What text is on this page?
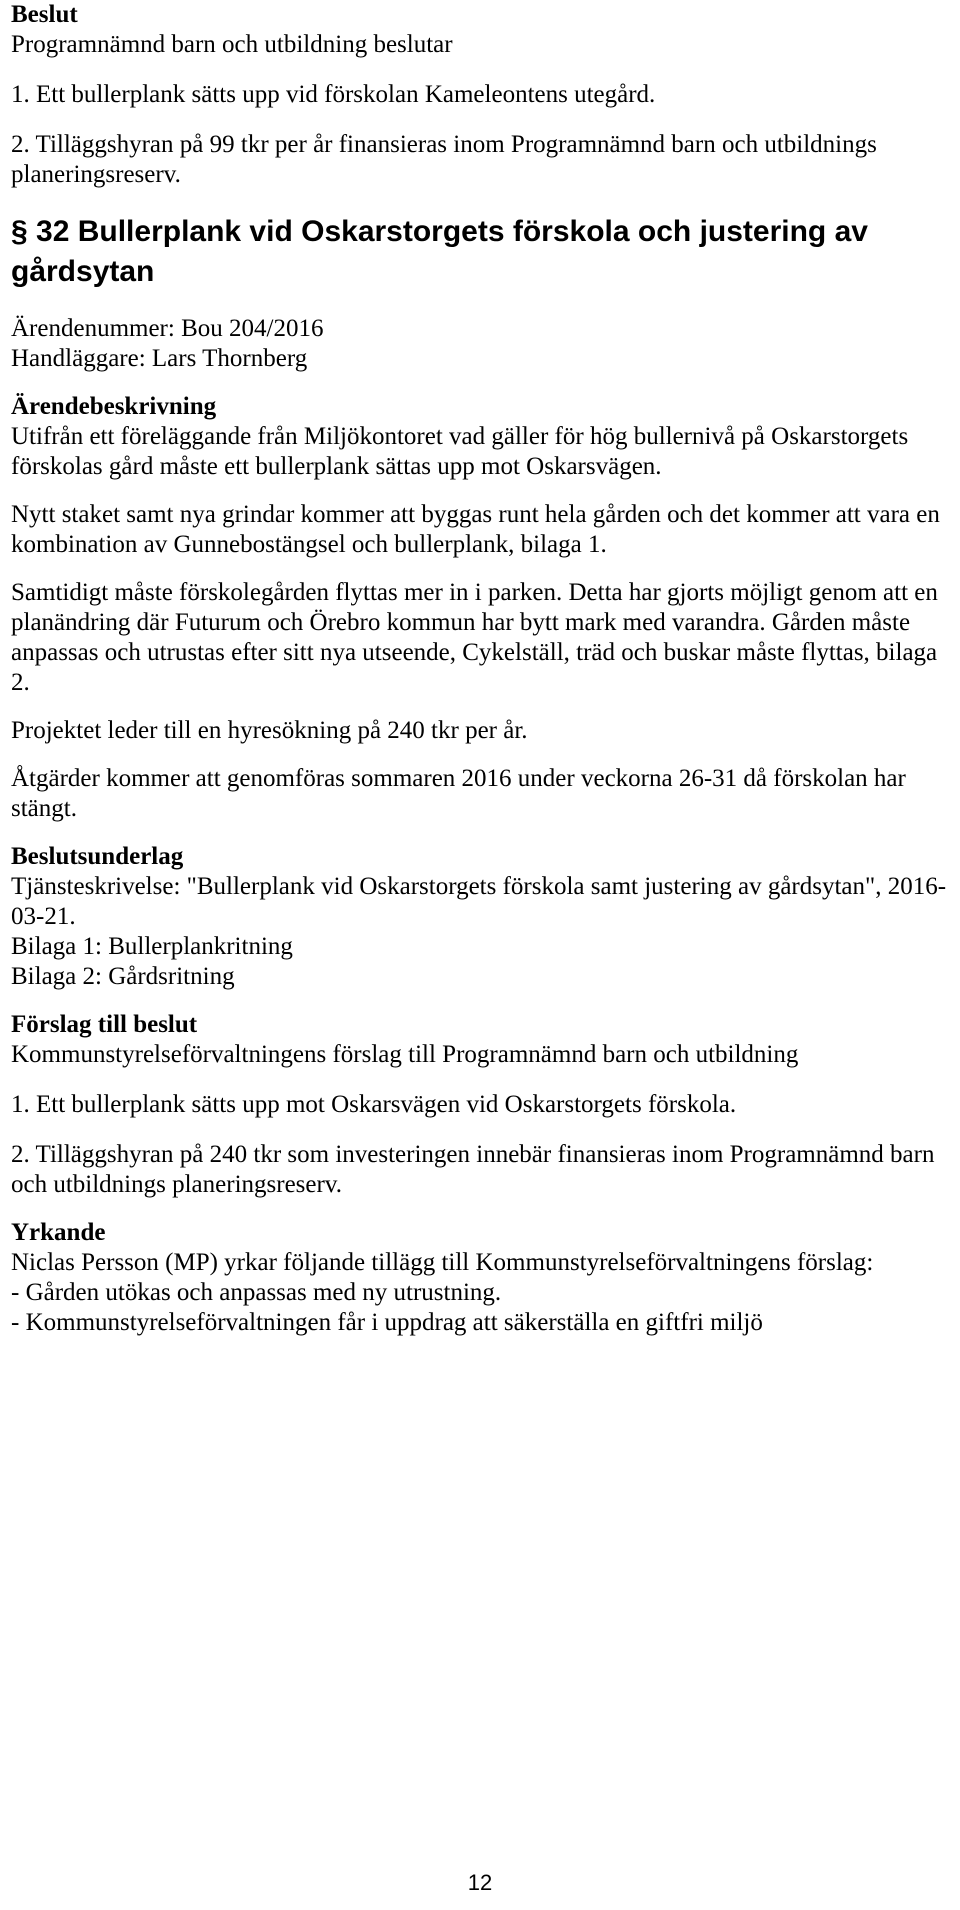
Beslut

Programnämnd barn och utbildning beslutar

1. Ett bullerplank sätts upp vid förskolan Kameleontens utegård.

2. Tilläggshyran på 99 tkr per år finansieras inom Programnämnd barn och utbildnings planeringsreserv.

§ 32 Bullerplank vid Oskarstorgets förskola och justering av gårdsytan

Ärendenummer: Bou 204/2016

Handläggare: Lars Thornberg

Ärendebeskrivning

Utifrån ett föreläggande från Miljökontoret vad gäller för hög bullernivå på Oskarstorgets förskolas gård måste ett bullerplank sättas upp mot Oskarsvägen.

Nytt staket samt nya grindar kommer att byggas runt hela gården och det kommer att vara en kombination av Gunnebostängsel och bullerplank, bilaga 1.

Samtidigt måste förskolegården flyttas mer in i parken. Detta har gjorts möjligt genom att en planändring där Futurum och Örebro kommun har bytt mark med varandra. Gården måste anpassas och utrustas efter sitt nya utseende, Cykelställ, träd och buskar måste flyttas, bilaga 2.

Projektet leder till en hyresökning på 240 tkr per år.

Åtgärder kommer att genomföras sommaren 2016 under veckorna 26-31 då förskolan har stängt.

Beslutsunderlag

Tjänsteskrivelse: "Bullerplank vid Oskarstorgets förskola samt justering av gårdsytan", 2016-03-21.

Bilaga 1: Bullerplankritning

Bilaga 2: Gårdsritning

Förslag till beslut

Kommunstyrelseförvaltningens förslag till Programnämnd barn och utbildning

1. Ett bullerplank sätts upp mot Oskarsvägen vid Oskarstorgets förskola.

2. Tilläggshyran på 240 tkr som investeringen innebär finansieras inom Programnämnd barn och utbildnings planeringsreserv.

Yrkande

Niclas Persson (MP) yrkar följande tillägg till Kommunstyrelseförvaltningens förslag:

- Gården utökas och anpassas med ny utrustning.

- Kommunstyrelseförvaltningen får i uppdrag att säkerställa en giftfri miljö

12
